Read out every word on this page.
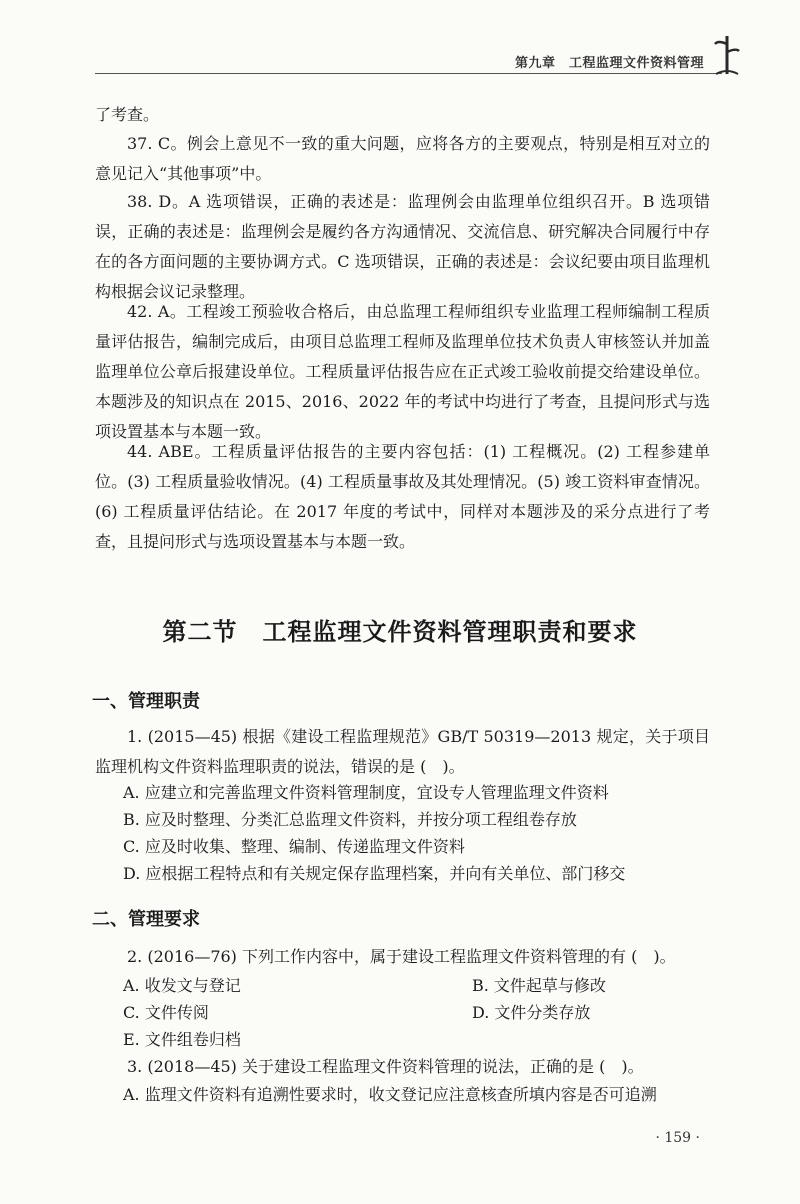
第九章　工程监理文件资料管理
了考查。
37. C。例会上意见不一致的重大问题，应将各方的主要观点，特别是相互对立的意见记入“其他事项”中。
38. D。A 选项错误，正确的表述是：监理例会由监理单位组织召开。B 选项错误，正确的表述是：监理例会是履约各方沟通情况、交流信息、研究解决合同履行中存在的各方面问题的主要协调方式。C 选项错误，正确的表述是：会议纪要由项目监理机构根据会议记录整理。
42. A。工程竣工预验收合格后，由总监理工程师组织专业监理工程师编制工程质量评估报告，编制完成后，由项目总监理工程师及监理单位技术负责人审核签认并加盖监理单位公章后报建设单位。工程质量评估报告应在正式竣工验收前提交给建设单位。本题涉及的知识点在 2015、2016、2022 年的考试中均进行了考查，且提问形式与选项设置基本与本题一致。
44. ABE。工程质量评估报告的主要内容包括：(1) 工程概况。(2) 工程参建单位。(3) 工程质量验收情况。(4) 工程质量事故及其处理情况。(5) 竣工资料审查情况。(6) 工程质量评估结论。在 2017 年度的考试中，同样对本题涉及的采分点进行了考查，且提问形式与选项设置基本与本题一致。
第二节　工程监理文件资料管理职责和要求
一、管理职责
1. (2015—45) 根据《建设工程监理规范》GB/T 50319—2013 规定，关于项目监理机构文件资料监理职责的说法，错误的是 (　)。
A. 应建立和完善监理文件资料管理制度，宜设专人管理监理文件资料
B. 应及时整理、分类汇总监理文件资料，并按分项工程组卷存放
C. 应及时收集、整理、编制、传递监理文件资料
D. 应根据工程特点和有关规定保存监理档案，并向有关单位、部门移交
二、管理要求
2. (2016—76) 下列工作内容中，属于建设工程监理文件资料管理的有 (　)。
A. 收发文与登记	B. 文件起草与修改
C. 文件传阅	D. 文件分类存放
E. 文件组卷归档
3. (2018—45) 关于建设工程监理文件资料管理的说法，正确的是 (　)。
A. 监理文件资料有追溯性要求时，收文登记应注意核查所填内容是否可追溯
· 159 ·
